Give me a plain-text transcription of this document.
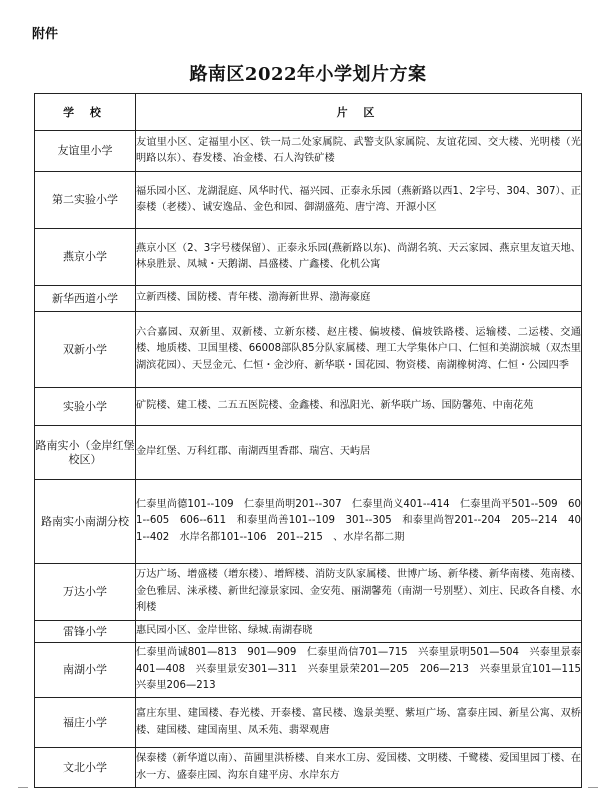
附件
路南区2022年小学划片方案
学 校	片 区
友谊里小学	友谊里小区、定福里小区、铁一局二处家属院、武警支队家属院、友谊花园、交大楼、光明楼（光明路以东）、春发楼、冶金楼、石人沟铁矿楼
第二实验小学	福乐园小区、龙湖混庭、风华时代、福兴园、正泰永乐园（燕新路以西1、2字号、304、307）、正泰楼（老楼）、诚安逸品、金色和园、御湖盛苑、唐宁湾、开源小区
燕京小学	燕京小区（2、3字号楼保留）、正泰永乐园(燕新路以东)、尚湖名筑、天云家园、燕京里友谊天地、林泉胜景、凤城・天鹅湖、昌盛楼、广鑫楼、化机公寓
新华西道小学	立新西楼、国防楼、青年楼、渤海新世界、渤海豪庭
双新小学	六合嘉园、双新里、双新楼、立新东楼、赵庄楼、偏坡楼、偏坡铁路楼、运输楼、二运楼、交通楼、地质楼、卫国里楼、66008部队85分队家属楼、理工大学集体户口、仁恒和美湖滨城（双杰里湖滨花园）、天昱金元、仁恒・金沙府、新华联・国花园、物资楼、南湖橡树湾、仁恒・公园四季
实验小学	矿院楼、建工楼、二五五医院楼、金鑫楼、和泓阳光、新华联广场、国防馨苑、中南花苑
路南实小（金岸红堡校区）	金岸红堡、万科红郡、南湖西里香郡、瑞宫、天屿居
路南实小南湖分校	仁泰里尚德101--109　仁泰里尚明201--307　仁泰里尚义401--414　仁泰里尚平501--509　601--605　606--611　和泰里尚善101--109　301--305　和泰里尚智201--204　205--214　401--402　水岸名都101--106　201--215　、水岸名都二期
万达小学	万达广场、增盛楼（增东楼）、增辉楼、消防支队家属楼、世博广场、新华楼、新华南楼、苑南楼、金色雅居、涞承楼、新世纪濠景家园、金安苑、丽湖馨苑（南湖一号别墅）、刘庄、民政各自楼、水利楼
雷锋小学	惠民园小区、金岸世铭、绿城.南湖春晓
南湖小学	仁泰里尚诚801—813　901—909　仁泰里尚信701—715　兴泰里景明501—504　兴泰里景泰401—408　兴泰里景安301—311　兴泰里景荣201—205　206—213　兴泰里景宜101—115　兴泰里206—213
福庄小学	富庄东里、建国楼、春光楼、开泰楼、富民楼、逸景美墅、紫垣广场、富泰庄园、新星公寓、双桥楼、建国楼、建国南里、凤禾苑、翡翠观唐
文北小学	保泰楼（新华道以南）、苗圃里洪桥楼、自来水工房、爱国楼、文明楼、千鹭楼、爱国里园丁楼、在水一方、盛泰庄园、沟东自建平房、水岸东方
